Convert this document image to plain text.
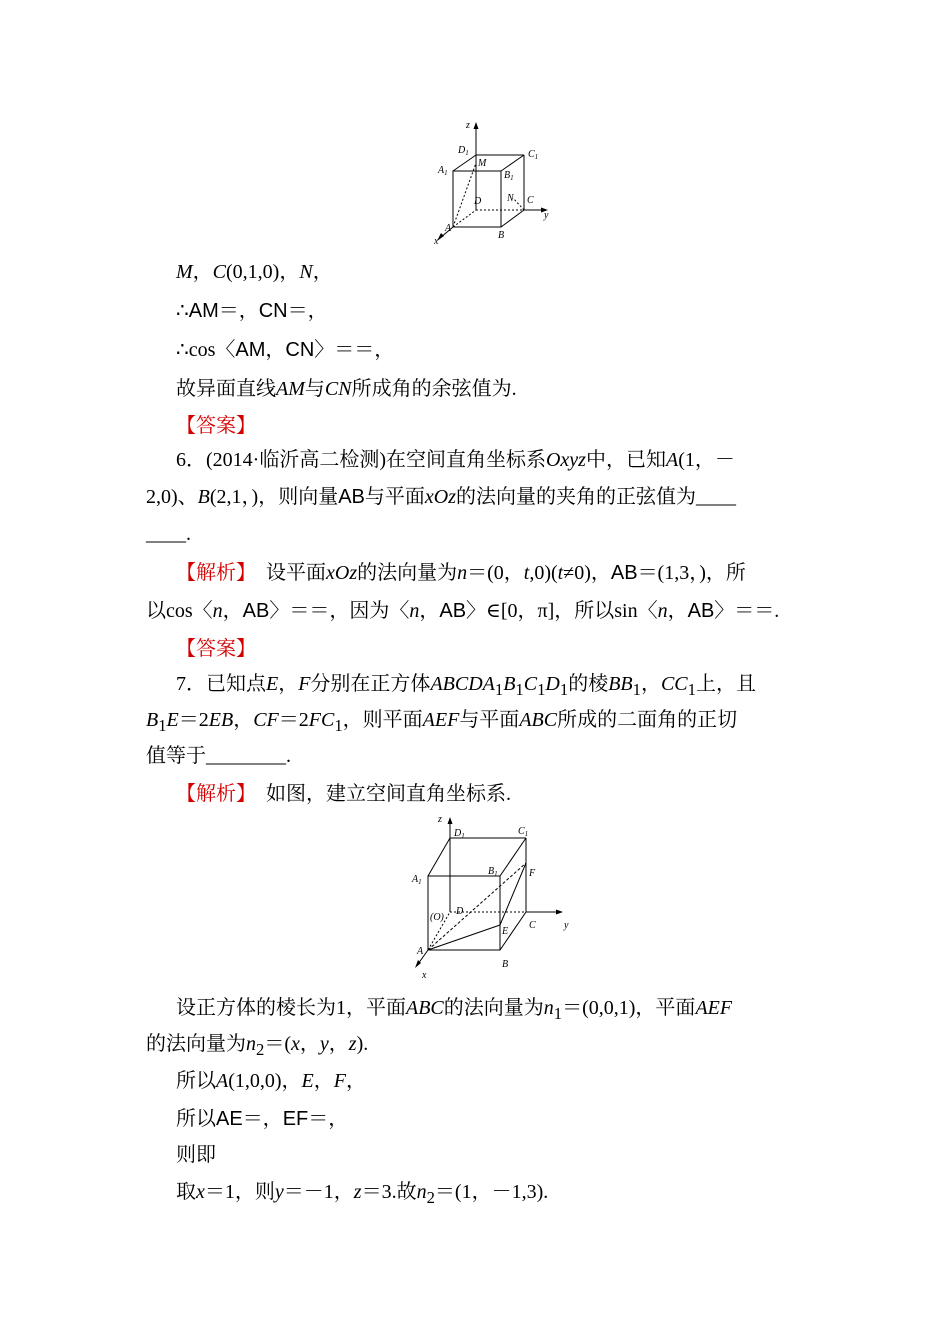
z
$D_1$	$C_1$
$A_1$	$B_1$
M
D	N C
y
A
B
x
M，C(0,1,0)，N，
∴AM＝，CN＝，
∴cos〈AM，CN〉＝＝，
故异面直线AM与CN所成角的余弦值为.
【答案】
6．(2014·临沂高二检测)在空间直角坐标系Oxyz中，已知A(1，－
2,0)、B(2,1，)，则向量AB与平面xOz的法向量的夹角的正弦值为____
____.
【解析】　设平面xOz的法向量为n＝(0，t,0)(t≠0)，AB＝(1,3，)，所
以cos〈n，AB〉＝＝，因为〈n，AB〉∈[0，π]，所以sin〈n，AB〉＝＝.
【答案】
7．已知点E，F分别在正方体$ABCDA_1B_1C_1D_1$的棱$BB_1$，$CC_1$上，且
$B_1E=2EB$，$CF=2FC_1$，则平面AEF与平面ABC所成的二面角的正切
值等于________.
【解析】　如图，建立空间直角坐标系.
z
$D_1$	$C_1$
$A_1$
$B_1$	F
(O)
D
E
C	y
A
B
x
设正方体的棱长为1，平面ABC的法向量为$n_1=(0,0,1)$，平面AEF
的法向量为$n_2=(x$，y，z).
所以A(1,0,0)，E，F，
所以AE＝，EF＝，
则即
取x＝1，则y＝－1，z＝3.故$n_2=(1$，－1,3).
